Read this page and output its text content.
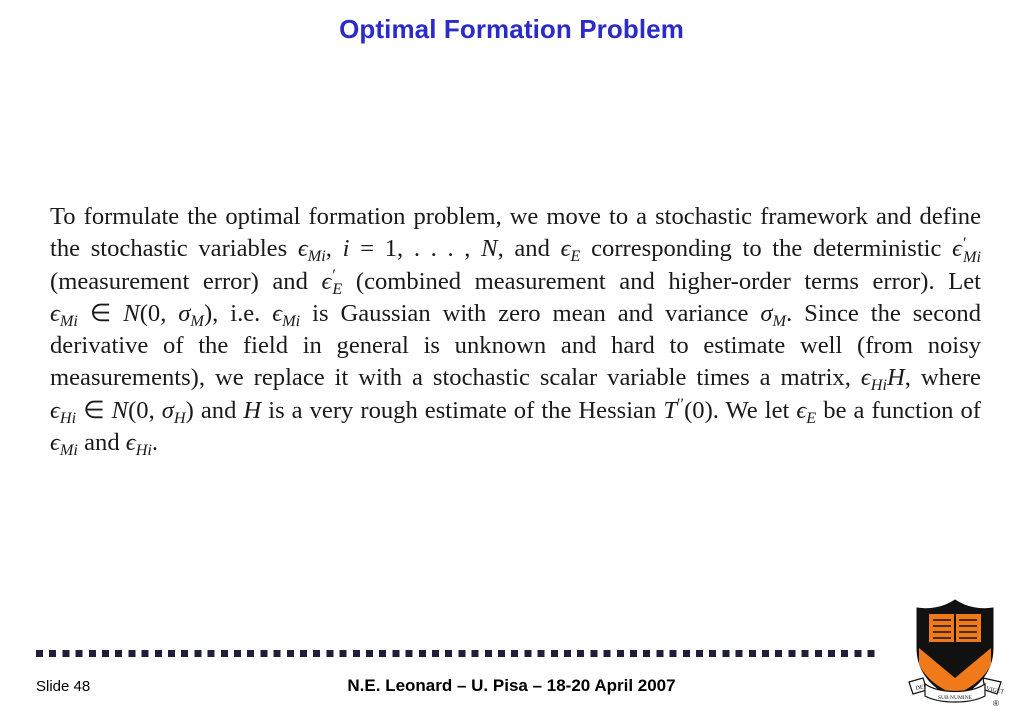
Optimal Formation Problem
To formulate the optimal formation problem, we move to a stochastic framework and define the stochastic variables $\epsilon_{Mi}$, i = 1, . . . , N, and $\epsilon_E$ corresponding to the deterministic ϵ ′
Mi
(measurement error) and ϵ ′
E (combined measurement and higher-order terms error). Let $\epsilon_{Mi}$ ∈ N(0, $\sigma_M$), i.e. $\epsilon_{Mi}$ is Gaussian with zero mean and variance $\sigma_M$. Since the second derivative of the field in general is unknown and hard to estimate well (from noisy measurements), we replace it with a stochastic scalar variable times a matrix, $\epsilon_{Hi}H$, where $\epsilon_{Hi}$ ∈ N(0, $\sigma_H$) and H is a very rough estimate of the Hessian T′′(0). We let $\epsilon_E$ be a function of $\epsilon_{Mi}$ and $\epsilon_{Hi}$.
Slide 48	N.E. Leonard – U. Pisa – 18-20 April 2007	DEI
SUB NUMINE
VIGET
®
